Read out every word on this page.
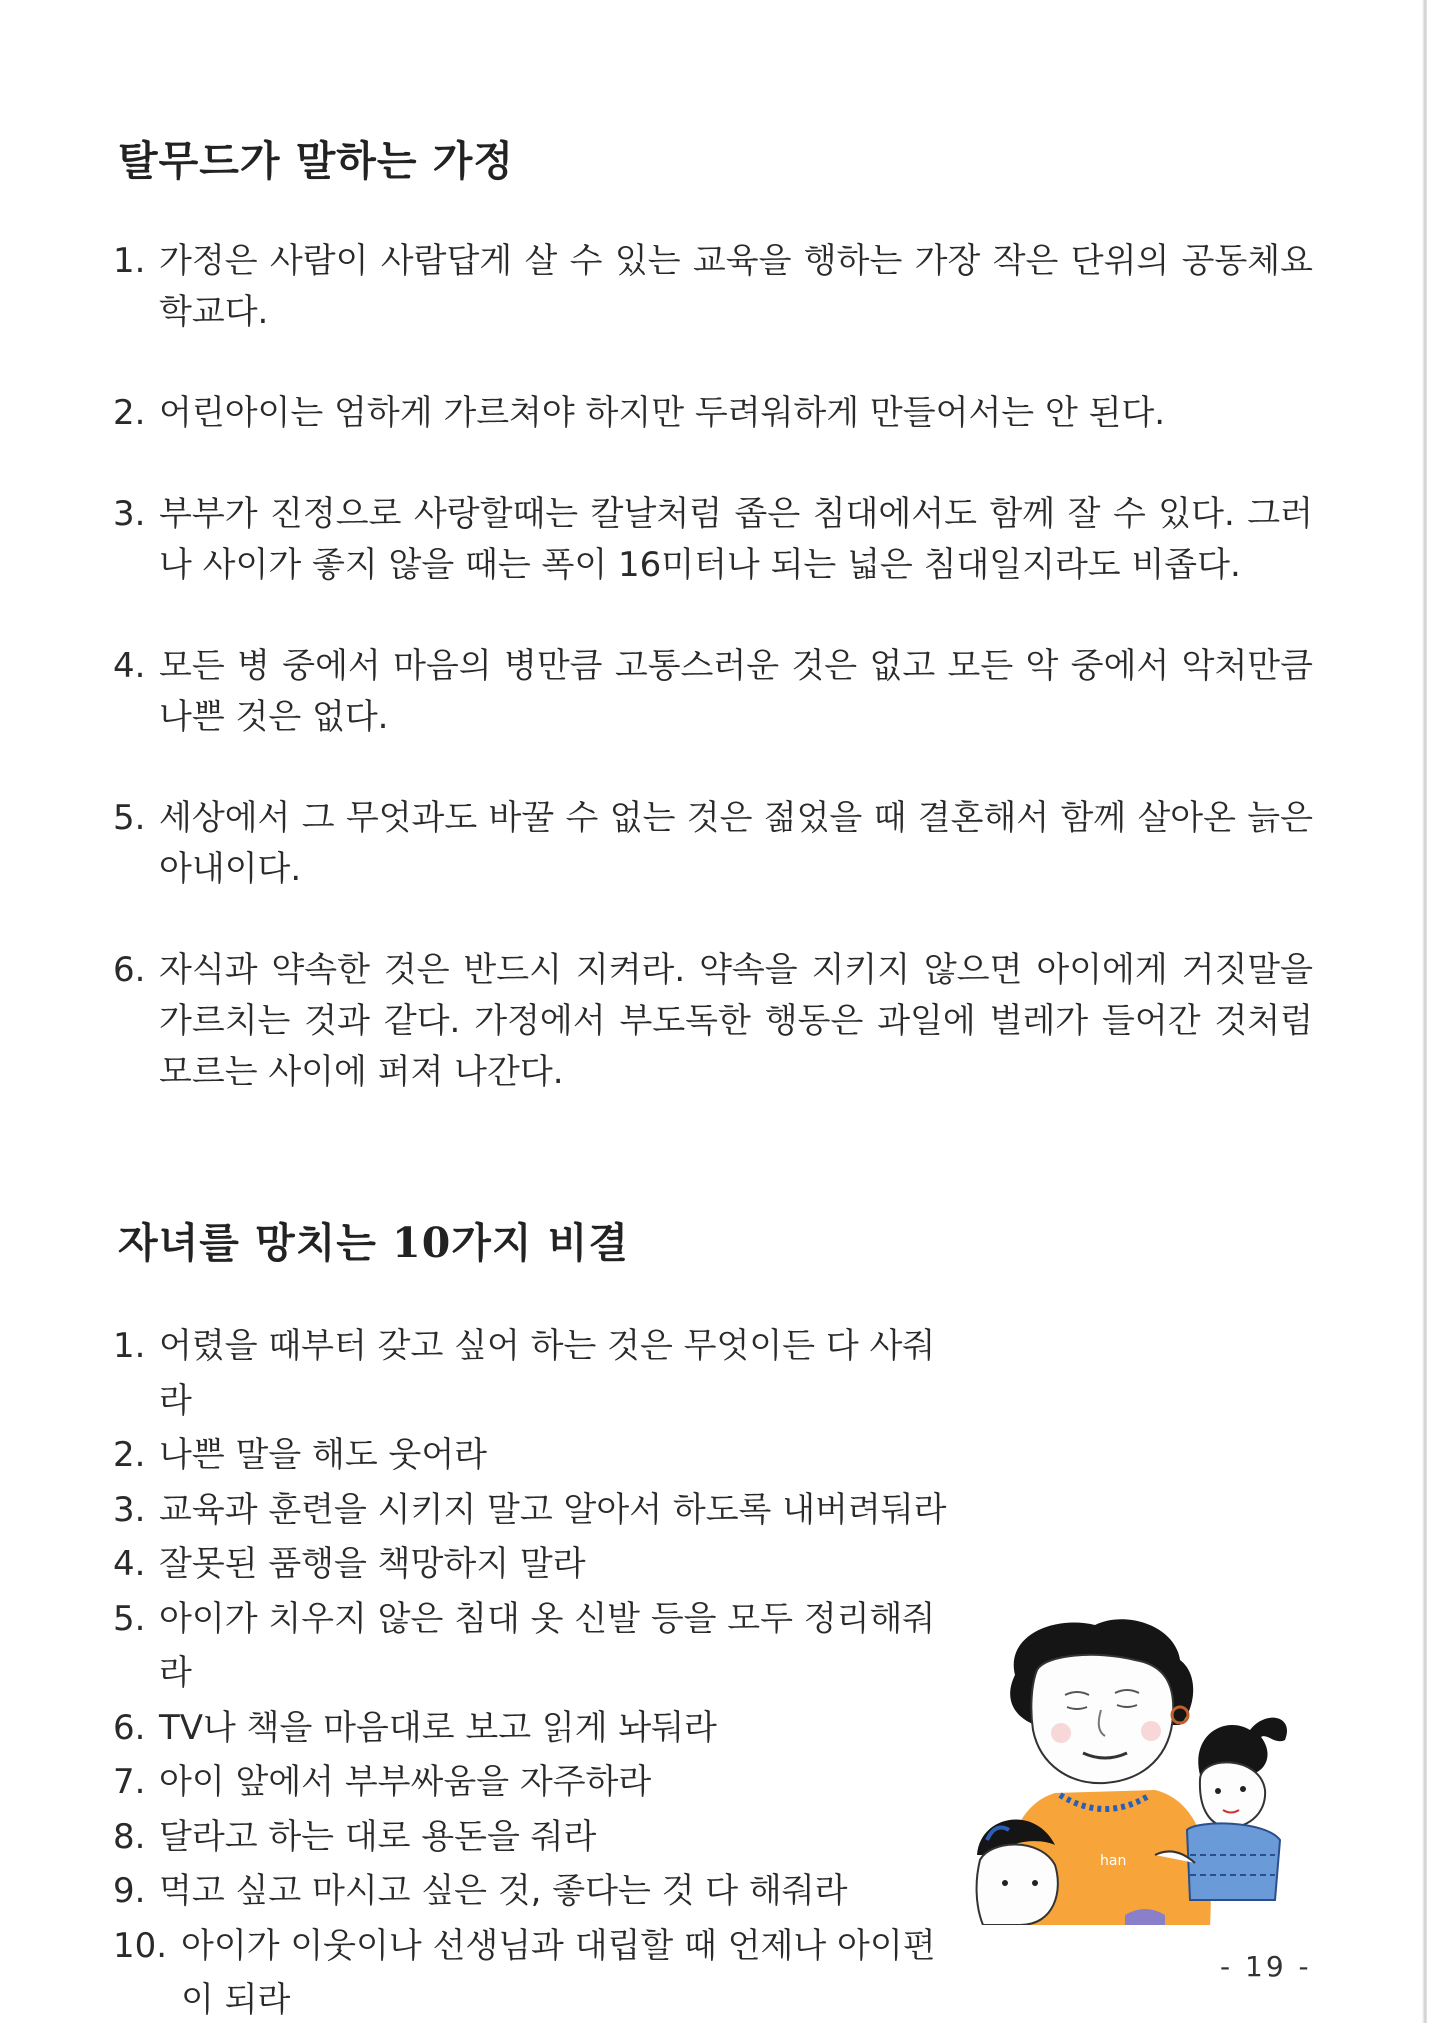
탈무드가 말하는 가정
1. 가정은 사람이 사람답게 살 수 있는 교육을 행하는 가장 작은 단위의 공동체요 학교다.
2. 어린아이는 엄하게 가르쳐야 하지만 두려워하게 만들어서는 안 된다.
3. 부부가 진정으로 사랑할때는 칼날처럼 좁은 침대에서도 함께 잘 수 있다. 그러나 사이가 좋지 않을 때는 폭이 16미터나 되는 넓은 침대일지라도 비좁다.
4. 모든 병 중에서 마음의 병만큼 고통스러운 것은 없고 모든 악 중에서 악처만큼 나쁜 것은 없다.
5. 세상에서 그 무엇과도 바꿀 수 없는 것은 젊었을 때 결혼해서 함께 살아온 늙은 아내이다.
6. 자식과 약속한 것은 반드시 지켜라. 약속을 지키지 않으면 아이에게 거짓말을 가르치는 것과 같다. 가정에서 부도독한 행동은 과일에 벌레가 들어간 것처럼 모르는 사이에 퍼져 나간다.
자녀를 망치는 10가지 비결
1. 어렸을 때부터 갖고 싶어 하는 것은 무엇이든 다 사줘라
2. 나쁜 말을 해도 웃어라
3. 교육과 훈련을 시키지 말고 알아서 하도록 내버려둬라
4. 잘못된 품행을 책망하지 말라
5. 아이가 치우지 않은 침대 옷 신발 등을 모두 정리해줘라
6. TV나 책을 마음대로 보고 읽게 놔둬라
7. 아이 앞에서 부부싸움을 자주하라
8. 달라고 하는 대로 용돈을 줘라
9. 먹고 싶고 마시고 싶은 것, 좋다는 것 다 해줘라
10. 아이가 이웃이나 선생님과 대립할 때 언제나 아이편이 되라
han

- 19 -
